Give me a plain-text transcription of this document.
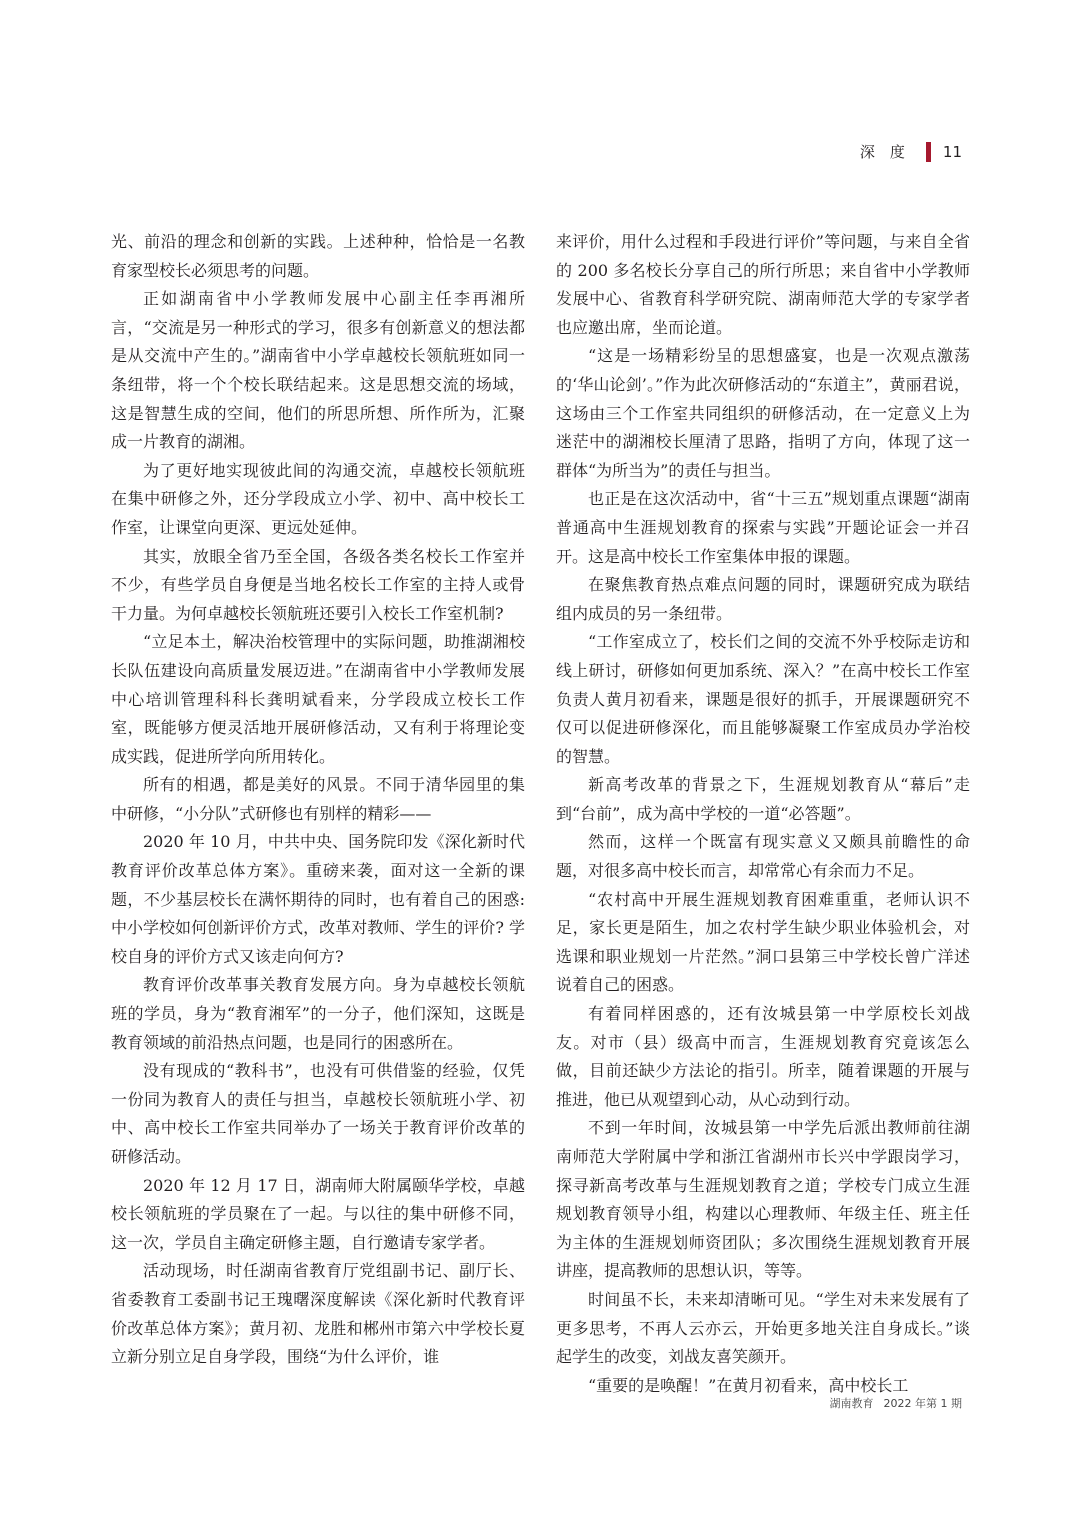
深度 11

光、前沿的理念和创新的实践。上述种种，恰恰是一名教育家型校长必须思考的问题。

正如湖南省中小学教师发展中心副主任李再湘所言，“交流是另一种形式的学习，很多有创新意义的想法都是从交流中产生的。”湖南省中小学卓越校长领航班如同一条纽带，将一个个校长联结起来。这是思想交流的场域，这是智慧生成的空间，他们的所思所想、所作所为，汇聚成一片教育的湖湘。

为了更好地实现彼此间的沟通交流，卓越校长领航班在集中研修之外，还分学段成立小学、初中、高中校长工作室，让课堂向更深、更远处延伸。

其实，放眼全省乃至全国，各级各类名校长工作室并不少，有些学员自身便是当地名校长工作室的主持人或骨干力量。为何卓越校长领航班还要引入校长工作室机制?

“立足本土，解决治校管理中的实际问题，助推湖湘校长队伍建设向高质量发展迈进。”在湖南省中小学教师发展中心培训管理科科长龚明斌看来，分学段成立校长工作室，既能够方便灵活地开展研修活动，又有利于将理论变成实践，促进所学向所用转化。

所有的相遇，都是美好的风景。不同于清华园里的集中研修，“小分队”式研修也有别样的精彩——

2020 年 10 月，中共中央、国务院印发《深化新时代教育评价改革总体方案》。重磅来袭，面对这一全新的课题，不少基层校长在满怀期待的同时，也有着自己的困惑:中小学校如何创新评价方式，改革对教师、学生的评价? 学校自身的评价方式又该走向何方?

教育评价改革事关教育发展方向。身为卓越校长领航班的学员，身为“教育湘军”的一分子，他们深知，这既是教育领域的前沿热点问题，也是同行的困惑所在。

没有现成的“教科书”，也没有可供借鉴的经验，仅凭一份同为教育人的责任与担当，卓越校长领航班小学、初中、高中校长工作室共同举办了一场关于教育评价改革的研修活动。

2020 年 12 月 17 日，湖南师大附属颐华学校，卓越校长领航班的学员聚在了一起。与以往的集中研修不同，这一次，学员自主确定研修主题，自行邀请专家学者。

活动现场，时任湖南省教育厅党组副书记、副厅长、省委教育工委副书记王瑰曙深度解读《深化新时代教育评价改革总体方案》；黄月初、龙胜和郴州市第六中学校长夏立新分别立足自身学段，围绕“为什么评价，谁

来评价，用什么过程和手段进行评价”等问题，与来自全省的 200 多名校长分享自己的所行所思；来自省中小学教师发展中心、省教育科学研究院、湖南师范大学的专家学者也应邀出席，坐而论道。

“这是一场精彩纷呈的思想盛宴，也是一次观点激荡的‘华山论剑’。”作为此次研修活动的“东道主”，黄丽君说，这场由三个工作室共同组织的研修活动，在一定意义上为迷茫中的湖湘校长厘清了思路，指明了方向，体现了这一群体“为所当为”的责任与担当。

也正是在这次活动中，省“十三五”规划重点课题“湖南普通高中生涯规划教育的探索与实践”开题论证会一并召开。这是高中校长工作室集体申报的课题。

在聚焦教育热点难点问题的同时，课题研究成为联结组内成员的另一条纽带。

“工作室成立了，校长们之间的交流不外乎校际走访和线上研讨，研修如何更加系统、深入？”在高中校长工作室负责人黄月初看来，课题是很好的抓手，开展课题研究不仅可以促进研修深化，而且能够凝聚工作室成员办学治校的智慧。

新高考改革的背景之下，生涯规划教育从“幕后”走到“台前”，成为高中学校的一道“必答题”。

然而，这样一个既富有现实意义又颇具前瞻性的命题，对很多高中校长而言，却常常心有余而力不足。

“农村高中开展生涯规划教育困难重重，老师认识不足，家长更是陌生，加之农村学生缺少职业体验机会，对选课和职业规划一片茫然。”洞口县第三中学校长曾广洋述说着自己的困惑。

有着同样困惑的，还有汝城县第一中学原校长刘战友。对市（县）级高中而言，生涯规划教育究竟该怎么做，目前还缺少方法论的指引。所幸，随着课题的开展与推进，他已从观望到心动，从心动到行动。

不到一年时间，汝城县第一中学先后派出教师前往湖南师范大学附属中学和浙江省湖州市长兴中学跟岗学习，探寻新高考改革与生涯规划教育之道；学校专门成立生涯规划教育领导小组，构建以心理教师、年级主任、班主任为主体的生涯规划师资团队；多次围绕生涯规划教育开展讲座，提高教师的思想认识，等等。

时间虽不长，未来却清晰可见。“学生对未来发展有了更多思考，不再人云亦云，开始更多地关注自身成长。”谈起学生的改变，刘战友喜笑颜开。

“重要的是唤醒！”在黄月初看来，高中校长工

湖南教育 2022 年第 1 期
